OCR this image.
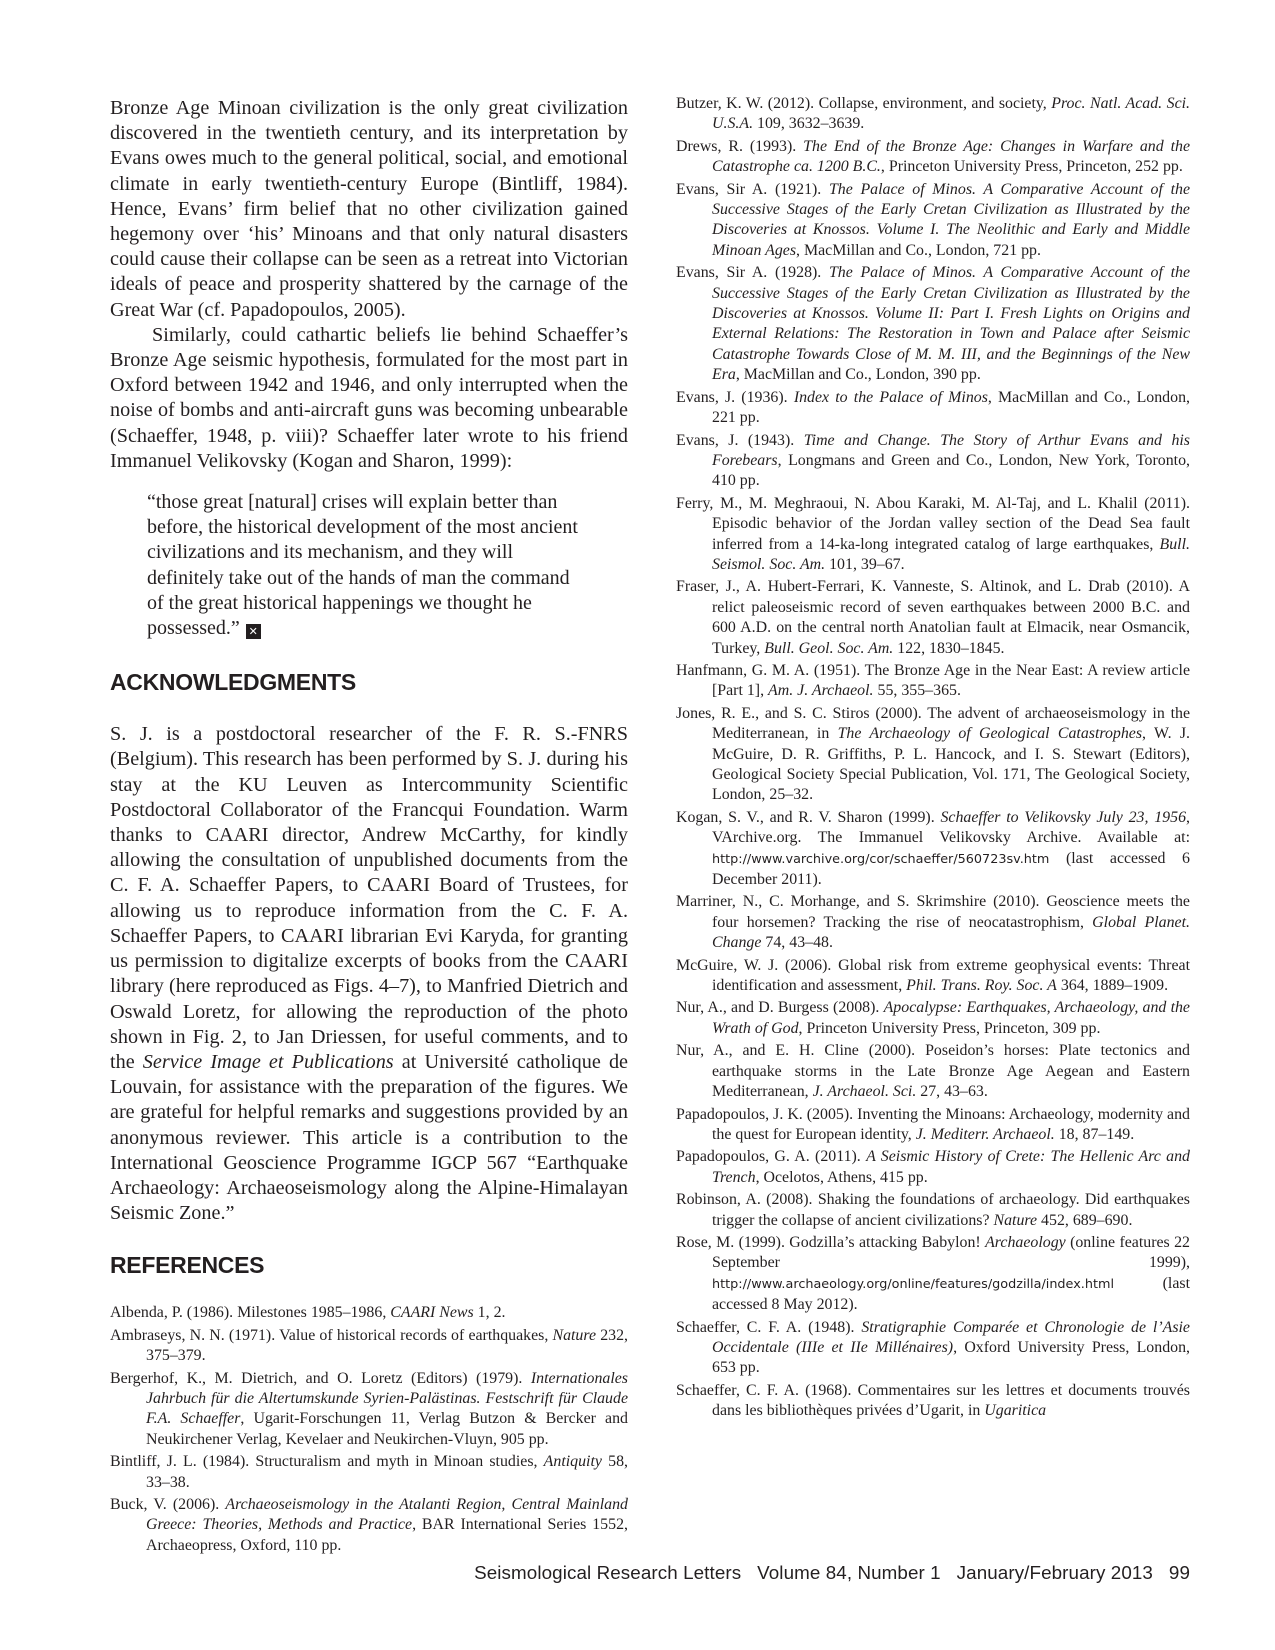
Bronze Age Minoan civilization is the only great civilization discovered in the twentieth century, and its interpretation by Evans owes much to the general political, social, and emotional climate in early twentieth-century Europe (Bintliff, 1984). Hence, Evans’ firm belief that no other civilization gained hegemony over ‘his’ Minoans and that only natural disasters could cause their collapse can be seen as a retreat into Victorian ideals of peace and prosperity shattered by the carnage of the Great War (cf. Papadopoulos, 2005).

Similarly, could cathartic beliefs lie behind Schaeffer’s Bronze Age seismic hypothesis, formulated for the most part in Oxford between 1942 and 1946, and only interrupted when the noise of bombs and anti-aircraft guns was becoming unbearable (Schaeffer, 1948, p. viii)? Schaeffer later wrote to his friend Immanuel Velikovsky (Kogan and Sharon, 1999):

“those great [natural] crises will explain better than before, the historical development of the most ancient civilizations and its mechanism, and they will definitely take out of the hands of man the command of the great historical happenings we thought he possessed.” ✕

ACKNOWLEDGMENTS

S. J. is a postdoctoral researcher of the F. R. S.-FNRS (Belgium). This research has been performed by S. J. during his stay at the KU Leuven as Intercommunity Scientific Postdoctoral Collaborator of the Francqui Foundation. Warm thanks to CAARI director, Andrew McCarthy, for kindly allowing the consultation of unpublished documents from the C. F. A. Schaeffer Papers, to CAARI Board of Trustees, for allowing us to reproduce information from the C. F. A. Schaeffer Papers, to CAARI librarian Evi Karyda, for granting us permission to digitalize excerpts of books from the CAARI library (here reproduced as Figs. 4–7), to Manfried Dietrich and Oswald Loretz, for allowing the reproduction of the photo shown in Fig. 2, to Jan Driessen, for useful comments, and to the Service Image et Publications at Université catholique de Louvain, for assistance with the preparation of the figures. We are grateful for helpful remarks and suggestions provided by an anonymous reviewer. This article is a contribution to the International Geoscience Programme IGCP 567 “Earthquake Archaeology: Archaeoseismology along the Alpine-Himalayan Seismic Zone.”

REFERENCES

Albenda, P. (1986). Milestones 1985–1986, CAARI News 1, 2.

Ambraseys, N. N. (1971). Value of historical records of earthquakes, Nature 232, 375–379.

Bergerhof, K., M. Dietrich, and O. Loretz (Editors) (1979). Internationales Jahrbuch für die Altertumskunde Syrien-Palästinas. Festschrift für Claude F.A. Schaeffer, Ugarit-Forschungen 11, Verlag Butzon & Bercker and Neukirchener Verlag, Kevelaer and Neukirchen-Vluyn, 905 pp.

Bintliff, J. L. (1984). Structuralism and myth in Minoan studies, Antiquity 58, 33–38.

Buck, V. (2006). Archaeoseismology in the Atalanti Region, Central Mainland Greece: Theories, Methods and Practice, BAR International Series 1552, Archaeopress, Oxford, 110 pp.

Butzer, K. W. (2012). Collapse, environment, and society, Proc. Natl. Acad. Sci. U.S.A. 109, 3632–3639.

Drews, R. (1993). The End of the Bronze Age: Changes in Warfare and the Catastrophe ca. 1200 B.C., Princeton University Press, Princeton, 252 pp.

Evans, Sir A. (1921). The Palace of Minos. A Comparative Account of the Successive Stages of the Early Cretan Civilization as Illustrated by the Discoveries at Knossos. Volume I. The Neolithic and Early and Middle Minoan Ages, MacMillan and Co., London, 721 pp.

Evans, Sir A. (1928). The Palace of Minos. A Comparative Account of the Successive Stages of the Early Cretan Civilization as Illustrated by the Discoveries at Knossos. Volume II: Part I. Fresh Lights on Origins and External Relations: The Restoration in Town and Palace after Seismic Catastrophe Towards Close of M. M. III, and the Beginnings of the New Era, MacMillan and Co., London, 390 pp.

Evans, J. (1936). Index to the Palace of Minos, MacMillan and Co., London, 221 pp.

Evans, J. (1943). Time and Change. The Story of Arthur Evans and his Forebears, Longmans and Green and Co., London, New York, Toronto, 410 pp.

Ferry, M., M. Meghraoui, N. Abou Karaki, M. Al-Taj, and L. Khalil (2011). Episodic behavior of the Jordan valley section of the Dead Sea fault inferred from a 14-ka-long integrated catalog of large earthquakes, Bull. Seismol. Soc. Am. 101, 39–67.

Fraser, J., A. Hubert-Ferrari, K. Vanneste, S. Altinok, and L. Drab (2010). A relict paleoseismic record of seven earthquakes between 2000 B.C. and 600 A.D. on the central north Anatolian fault at Elmacik, near Osmancik, Turkey, Bull. Geol. Soc. Am. 122, 1830–1845.

Hanfmann, G. M. A. (1951). The Bronze Age in the Near East: A review article [Part 1], Am. J. Archaeol. 55, 355–365.

Jones, R. E., and S. C. Stiros (2000). The advent of archaeoseismology in the Mediterranean, in The Archaeology of Geological Catastrophes, W. J. McGuire, D. R. Griffiths, P. L. Hancock, and I. S. Stewart (Editors), Geological Society Special Publication, Vol. 171, The Geological Society, London, 25–32.

Kogan, S. V., and R. V. Sharon (1999). Schaeffer to Velikovsky July 23, 1956, VArchive.org. The Immanuel Velikovsky Archive. Available at: http://www.varchive.org/cor/schaeffer/560723sv.htm (last accessed 6 December 2011).

Marriner, N., C. Morhange, and S. Skrimshire (2010). Geoscience meets the four horsemen? Tracking the rise of neocatastrophism, Global Planet. Change 74, 43–48.

McGuire, W. J. (2006). Global risk from extreme geophysical events: Threat identification and assessment, Phil. Trans. Roy. Soc. A 364, 1889–1909.

Nur, A., and D. Burgess (2008). Apocalypse: Earthquakes, Archaeology, and the Wrath of God, Princeton University Press, Princeton, 309 pp.

Nur, A., and E. H. Cline (2000). Poseidon’s horses: Plate tectonics and earthquake storms in the Late Bronze Age Aegean and Eastern Mediterranean, J. Archaeol. Sci. 27, 43–63.

Papadopoulos, J. K. (2005). Inventing the Minoans: Archaeology, modernity and the quest for European identity, J. Mediterr. Archaeol. 18, 87–149.

Papadopoulos, G. A. (2011). A Seismic History of Crete: The Hellenic Arc and Trench, Ocelotos, Athens, 415 pp.

Robinson, A. (2008). Shaking the foundations of archaeology. Did earthquakes trigger the collapse of ancient civilizations? Nature 452, 689–690.

Rose, M. (1999). Godzilla’s attacking Babylon! Archaeology (online features 22 September 1999), http://www.archaeology.org/online/features/godzilla/index.html (last accessed 8 May 2012).

Schaeffer, C. F. A. (1948). Stratigraphie Comparée et Chronologie de l’Asie Occidentale (IIIe et IIe Millénaires), Oxford University Press, London, 653 pp.

Schaeffer, C. F. A. (1968). Commentaires sur les lettres et documents trouvés dans les bibliothèques privées d’Ugarit, in Ugaritica

Seismological Research Letters   Volume 84, Number 1   January/February 2013   99
